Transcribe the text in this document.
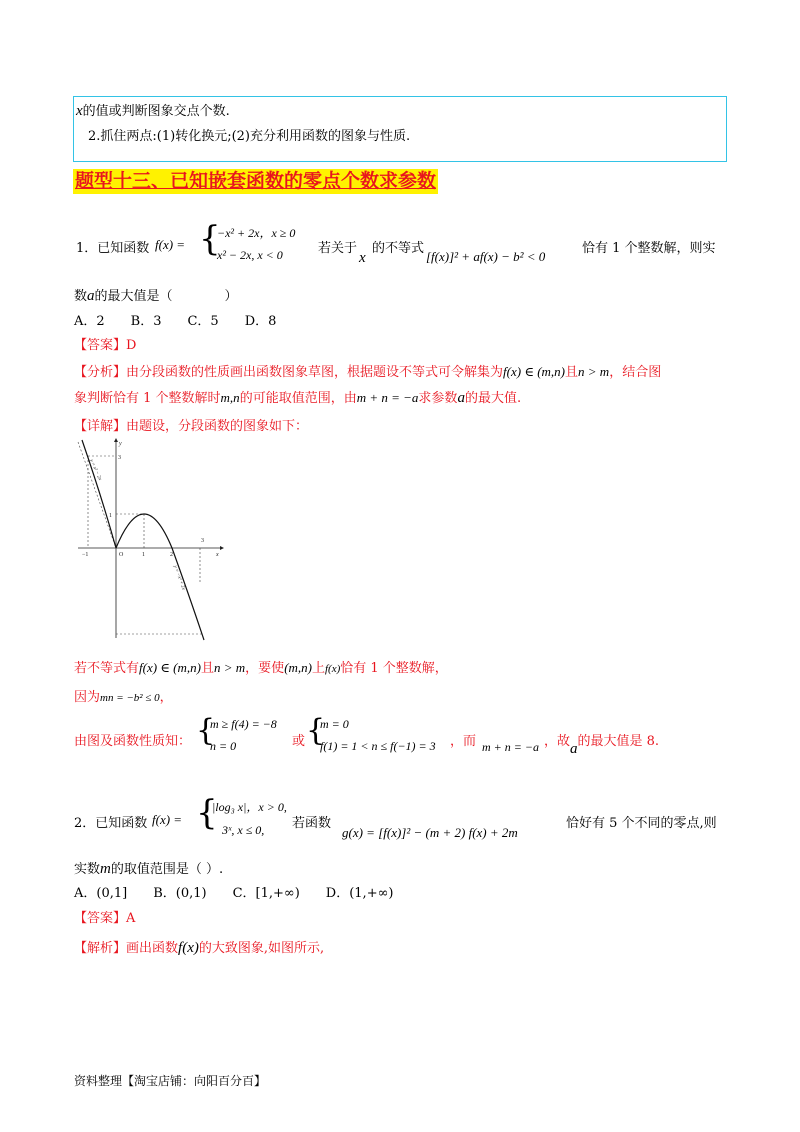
x的值或判断图象交点个数.
2.抓住两点:(1)转化换元;(2)充分利用函数的图象与性质.
题型十三、已知嵌套函数的零点个数求参数
1．已知函数 f(x) = {
−x² + 2x，x ≥ 0
x² − 2x, x < 0	若关于
x
的不等式
[f(x)]² + af(x) − b² < 0
恰有 1 个整数解，则实
数a的最大值是（　　　　）
A．2　　B．3　　C．5　　D．8
【答案】D
【分析】由分段函数的性质画出函数图象草图，根据题设不等式可令解集为f(x) ∈ (m,n)且n > m，结合图
象判断恰有 1 个整数解时m,n的可能取值范围，由m + n = −a求参数a的最大值.
【详解】由题设，分段函数的图象如下：
y
x
3
1
−1	O	1	2
3
y = x² − 2x
y = −x² + 2x
若不等式有f(x) ∈ (m,n)且n > m，要使(m,n)上f(x)恰有 1 个整数解，
因为mn = −b² ≤ 0，
由图及函数性质知： {
m ≥ f(4) = −8
n = 0	或 {
m = 0
f(1) = 1 < n ≤ f(−1) = 3 ，而 m + n = −a ，故a的最大值是 8.
2．已知函数 f(x) = {
|log₃ x|，x > 0,
3ˣ, x ≤ 0, 若函数
g(x) = [f(x)]² − (m + 2) f(x) + 2m
恰好有 5 个不同的零点,则
实数m的取值范围是（ ）.
A．(0,1]　　B．(0,1)　　C．[1,+∞)　　D．(1,+∞)
【答案】A
【解析】画出函数f(x)的大致图象,如图所示,
资料整理【淘宝店铺：向阳百分百】
